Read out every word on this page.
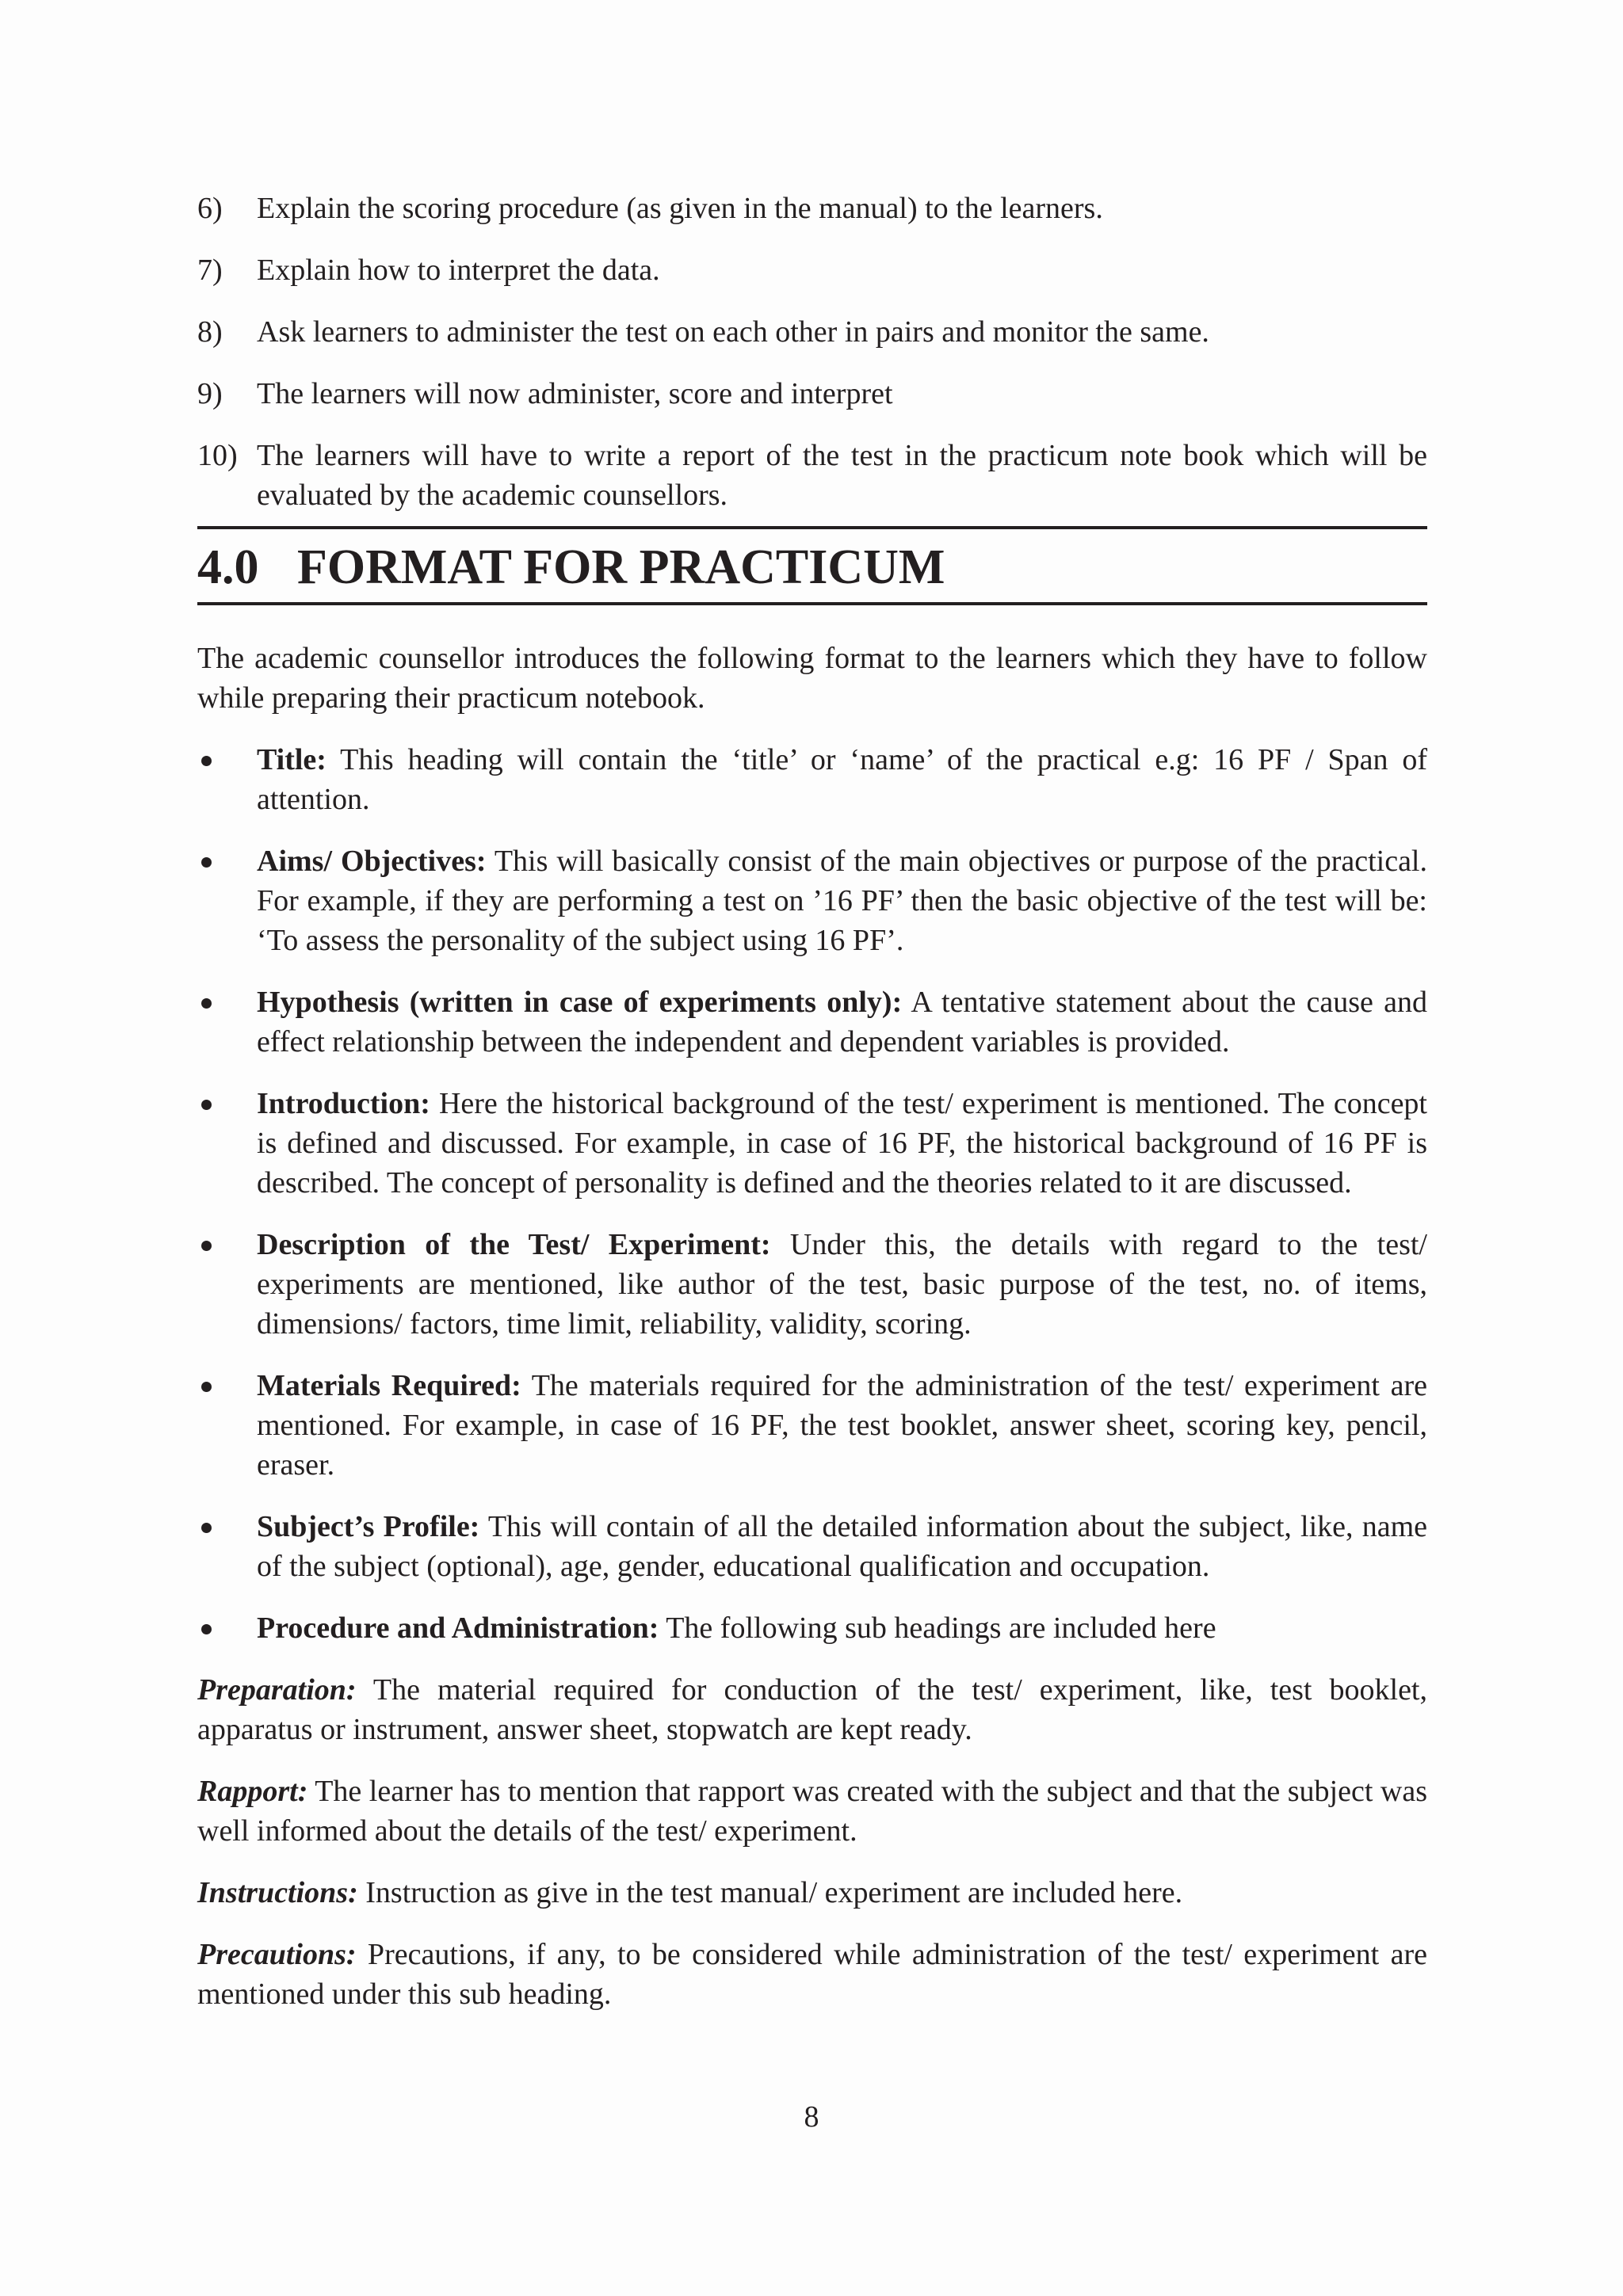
6) Explain the scoring procedure (as given in the manual) to the learners.
7) Explain how to interpret the data.
8) Ask learners to administer the test on each other in pairs and monitor the same.
9) The learners will now administer, score and interpret
10) The learners will have to write a report of the test in the practicum note book which will be evaluated by the academic counsellors.
4.0 FORMAT FOR PRACTICUM

The academic counsellor introduces the following format to the learners which they have to follow while preparing their practicum notebook.

Title: This heading will contain the ‘title’ or ‘name’ of the practical e.g: 16 PF / Span of attention.
Aims/ Objectives: This will basically consist of the main objectives or purpose of the practical. For example, if they are performing a test on ’16 PF’ then the basic objective of the test will be: ‘To assess the personality of the subject using 16 PF’.
Hypothesis (written in case of experiments only): A tentative statement about the cause and effect relationship between the independent and dependent variables is provided.
Introduction: Here the historical background of the test/ experiment is mentioned. The concept is defined and discussed. For example, in case of 16 PF, the historical background of 16 PF is described. The concept of personality is defined and the theories related to it are discussed.
Description of the Test/ Experiment: Under this, the details with regard to the test/ experiments are mentioned, like author of the test, basic purpose of the test, no. of items, dimensions/ factors, time limit, reliability, validity, scoring.
Materials Required: The materials required for the administration of the test/ experiment are mentioned. For example, in case of 16 PF, the test booklet, answer sheet, scoring key, pencil, eraser.
Subject’s Profile: This will contain of all the detailed information about the subject, like, name of the subject (optional), age, gender, educational qualification and occupation.
Procedure and Administration: The following sub headings are included here

Preparation: The material required for conduction of the test/ experiment, like, test booklet, apparatus or instrument, answer sheet, stopwatch are kept ready.

Rapport: The learner has to mention that rapport was created with the subject and that the subject was well informed about the details of the test/ experiment.

Instructions: Instruction as give in the test manual/ experiment are included here.

Precautions: Precautions, if any, to be considered while administration of the test/ experiment are mentioned under this sub heading.

8
